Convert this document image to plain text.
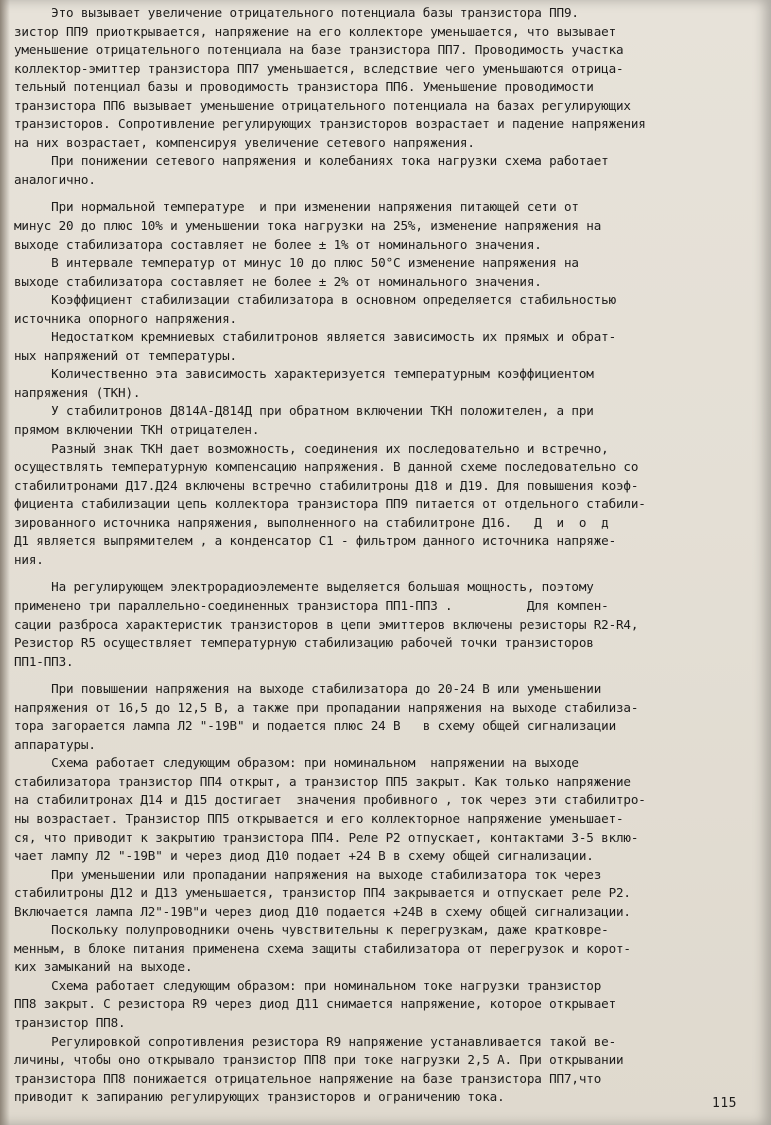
Это вызывает увеличение отрицательного потенциала базы транзистора ПП9.
зистор ПП9 приоткрывается, напряжение на его коллекторе уменьшается, что вызывает
уменьшение отрицательного потенциала на базе транзистора ПП7. Проводимость участка
коллектор-эмиттер транзистора ПП7 уменьшается, вследствие чего уменьшаются отрица-
тельный потенциал базы и проводимость транзистора ПП6. Уменьшение проводимости
транзистора ПП6 вызывает уменьшение отрицательного потенциала на базах регулирующих
транзисторов. Сопротивление регулирующих транзисторов возрастает и падение напряжения
на них возрастает, компенсируя увеличение сетевого напряжения.
При понижении сетевого напряжения и колебаниях тока нагрузки схема работает
аналогично.
При нормальной температуре  и при изменении напряжения питающей сети от
минус 20 до плюс 10% и уменьшении тока нагрузки на 25%, изменение напряжения на
выходе стабилизатора составляет не более ± 1% от номинального значения.
В интервале температур от минус 10 до плюс 50°С изменение напряжения на
выходе стабилизатора составляет не более ± 2% от номинального значения.
Коэффициент стабилизации стабилизатора в основном определяется стабильностью
источника опорного напряжения.
Недостатком кремниевых стабилитронов является зависимость их прямых и обрат-
ных напряжений от температуры.
Количественно эта зависимость характеризуется температурным коэффициентом
напряжения (ТКН).
У стабилитронов Д814А-Д814Д при обратном включении ТКН положителен, а при
прямом включении ТКН отрицателен.
Разный знак ТКН дает возможность, соединения их последовательно и встречно,
осуществлять температурную компенсацию напряжения. В данной схеме последовательно со
стабилитронами Д17.Д24 включены встречно стабилитроны Д18 и Д19. Для повышения коэф-
фициента стабилизации цепь коллектора транзистора ПП9 питается от отдельного стабили-
зированного источника напряжения, выполненного на стабилитроне Д16.   Д  и  о  д
Д1 является выпрямителем , а конденсатор С1 - фильтром данного источника напряже-
ния.
На регулирующем электрорадиоэлементе выделяется большая мощность, поэтому
применено три параллельно-соединенных транзистора ПП1-ПП3 .          Для компен-
сации разброса характеристик транзисторов в цепи эмиттеров включены резисторы R2-R4,
Резистор R5 осуществляет температурную стабилизацию рабочей точки транзисторов
ПП1-ПП3.
При повышении напряжения на выходе стабилизатора до 20-24 В или уменьшении
напряжения от 16,5 до 12,5 В, а также при пропадании напряжения на выходе стабилиза-
тора загорается лампа Л2 "-19В" и подается плюс 24 В   в схему общей сигнализации
аппаратуры.
Схема работает следующим образом: при номинальном  напряжении на выходе
стабилизатора транзистор ПП4 открыт, а транзистор ПП5 закрыт. Как только напряжение
на стабилитронах Д14 и Д15 достигает  значения пробивного , ток через эти стабилитро-
ны возрастает. Транзистор ПП5 открывается и его коллекторное напряжение уменьшает-
ся, что приводит к закрытию транзистора ПП4. Реле Р2 отпускает, контактами 3-5 вклю-
чает лампу Л2 "-19В" и через диод Д10 подает +24 В в схему общей сигнализации.
При уменьшении или пропадании напряжения на выходе стабилизатора ток через
стабилитроны Д12 и Д13 уменьшается, транзистор ПП4 закрывается и отпускает реле Р2.
Включается лампа Л2"-19В"и через диод Д10 подается +24В в схему общей сигнализации.
Поскольку полупроводники очень чувствительны к перегрузкам, даже кратковре-
менным, в блоке питания применена схема защиты стабилизатора от перегрузок и корот-
ких замыканий на выходе.
Схема работает следующим образом: при номинальном токе нагрузки транзистор
ПП8 закрыт. С резистора R9 через диод Д11 снимается напряжение, которое открывает
транзистор ПП8.
Регулировкой сопротивления резистора R9 напряжение устанавливается такой ве-
личины, чтобы оно открывало транзистор ПП8 при токе нагрузки 2,5 А. При открывании
транзистора ПП8 понижается отрицательное напряжение на базе транзистора ПП7,что
приводит к запиранию регулирующих транзисторов и ограничению тока.	115
